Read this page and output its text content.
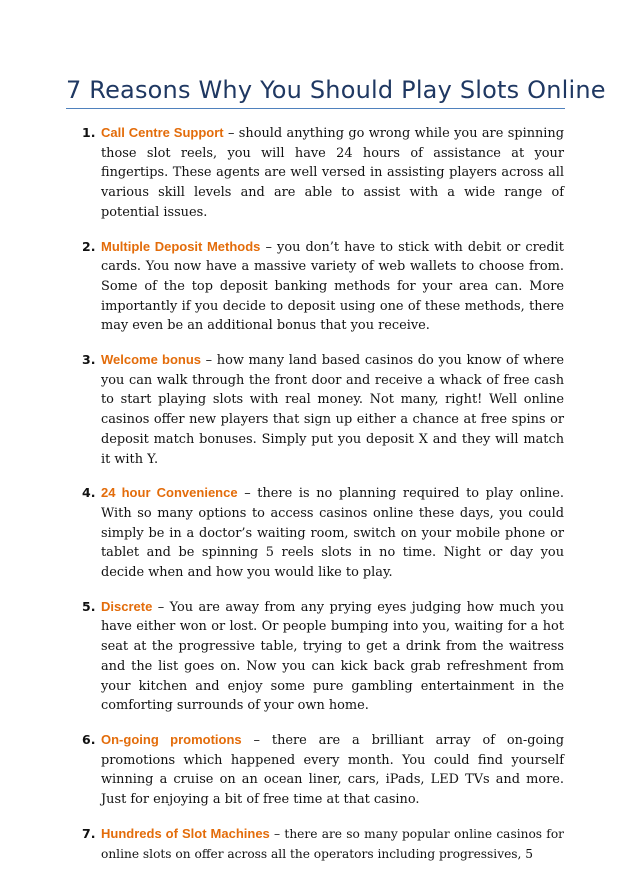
7 Reasons Why You Should Play Slots Online
1. Call Centre Support – should anything go wrong while you are spinning those slot reels, you will have 24 hours of assistance at your fingertips. These agents are well versed in assisting players across all various skill levels and are able to assist with a wide range of potential issues.
2. Multiple Deposit Methods – you don’t have to stick with debit or credit cards. You now have a massive variety of web wallets to choose from. Some of the top deposit banking methods for your area can. More importantly if you decide to deposit using one of these methods, there may even be an additional bonus that you receive.
3. Welcome bonus – how many land based casinos do you know of where you can walk through the front door and receive a whack of free cash to start playing slots with real money. Not many, right! Well online casinos offer new players that sign up either a chance at free spins or deposit match bonuses. Simply put you deposit X and they will match it with Y.
4. 24 hour Convenience – there is no planning required to play online. With so many options to access casinos online these days, you could simply be in a doctor’s waiting room, switch on your mobile phone or tablet and be spinning 5 reels slots in no time. Night or day you decide when and how you would like to play.
5. Discrete – You are away from any prying eyes judging how much you have either won or lost. Or people bumping into you, waiting for a hot seat at the progressive table, trying to get a drink from the waitress and the list goes on. Now you can kick back grab refreshment from your kitchen and enjoy some pure gambling entertainment in the comforting surrounds of your own home.
6. On-going promotions – there are a brilliant array of on-going promotions which happened every month. You could find yourself winning a cruise on an ocean liner, cars, iPads, LED TVs and more. Just for enjoying a bit of free time at that casino.
7. Hundreds of Slot Machines – there are so many popular online casinos for online slots on offer across all the operators including progressives, 5
